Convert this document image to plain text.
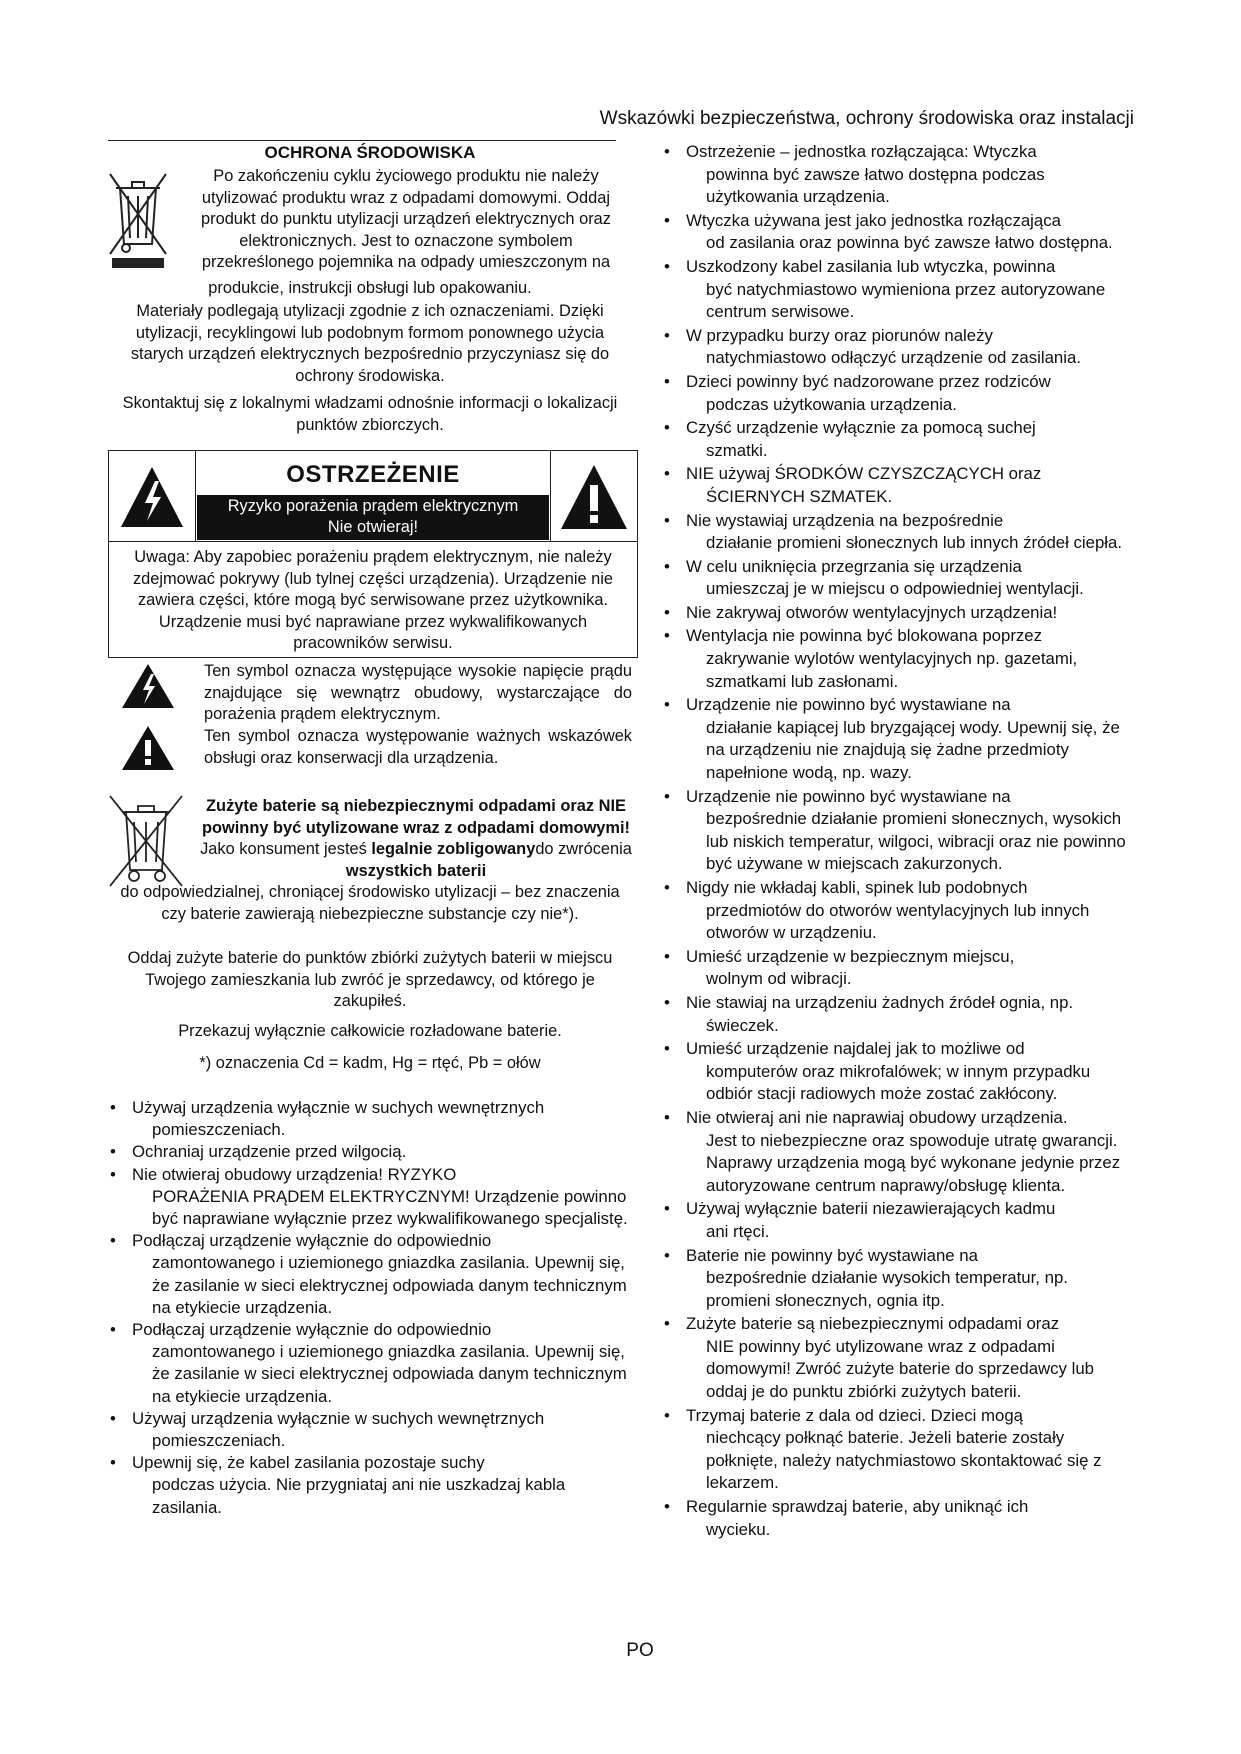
Wskazówki bezpieczeństwa, ochrony środowiska oraz instalacji
OCHRONA ŚRODOWISKA
Po zakończeniu cyklu życiowego produktu nie należy
utylizować produktu wraz z odpadami domowymi. Oddaj
produkt do punktu utylizacji urządzeń elektrycznych oraz
elektronicznych. Jest to oznaczone symbolem
przekreślonego pojemnika na odpady umieszczonym na
produkcie, instrukcji obsługi lub opakowaniu.
Materiały podlegają utylizacji zgodnie z ich oznaczeniami. Dzięki utylizacji, recyklingowi lub podobnym formom ponownego użycia starych urządzeń elektrycznych bezpośrednio przyczyniasz się do ochrony środowiska.
Skontaktuj się z lokalnymi władzami odnośnie informacji o lokalizacji punktów zbiorczych.
OSTRZEŻENIE
Ryzyko porażenia prądem elektrycznym
Nie otwieraj!
Uwaga: Aby zapobiec porażeniu prądem elektrycznym, nie należy zdejmować pokrywy (lub tylnej części urządzenia). Urządzenie nie zawiera części, które mogą być serwisowane przez użytkownika. Urządzenie musi być naprawiane przez wykwalifikowanych pracowników serwisu.
Ten symbol oznacza występujące wysokie napięcie prądu znajdujące się wewnątrz obudowy, wystarczające do porażenia prądem elektrycznym.
Ten symbol oznacza występowanie ważnych wskazówek obsługi oraz konserwacji dla urządzenia.
Zużyte baterie są niebezpiecznymi odpadami oraz NIE powinny być utylizowane wraz z odpadami domowymi! Jako konsument jesteś legalnie zobligowanydo zwrócenia wszystkich baterii
do odpowiedzialnej, chroniącej środowisko utylizacji – bez znaczenia czy baterie zawierają niebezpieczne substancje czy nie*).
Oddaj zużyte baterie do punktów zbiórki zużytych baterii w miejscu Twojego zamieszkania lub zwróć je sprzedawcy, od którego je zakupiłeś.
Przekazuj wyłącznie całkowicie rozładowane baterie.
*) oznaczenia Cd = kadm, Hg = rtęć, Pb = ołów
• Używaj urządzenia wyłącznie w suchych wewnętrznych
pomieszczeniach.
• Ochraniaj urządzenie przed wilgocią.
• Nie otwieraj obudowy urządzenia! RYZYKO
PORAŻENIA PRĄDEM ELEKTRYCZNYM! Urządzenie powinno być naprawiane wyłącznie przez wykwalifikowanego specjalistę.
• Podłączaj urządzenie wyłącznie do odpowiednio
zamontowanego i uziemionego gniazdka zasilania. Upewnij się, że zasilanie w sieci elektrycznej odpowiada danym technicznym na etykiecie urządzenia.
• Podłączaj urządzenie wyłącznie do odpowiednio
zamontowanego i uziemionego gniazdka zasilania. Upewnij się, że zasilanie w sieci elektrycznej odpowiada danym technicznym na etykiecie urządzenia.
• Używaj urządzenia wyłącznie w suchych wewnętrznych
pomieszczeniach.
• Upewnij się, że kabel zasilania pozostaje suchy
podczas użycia. Nie przygniataj ani nie uszkadzaj kabla zasilania.
• Ostrzeżenie – jednostka rozłączająca: Wtyczka
powinna być zawsze łatwo dostępna podczas użytkowania urządzenia.
• Wtyczka używana jest jako jednostka rozłączająca
od zasilania oraz powinna być zawsze łatwo dostępna.
• Uszkodzony kabel zasilania lub wtyczka, powinna
być natychmiastowo wymieniona przez autoryzowane centrum serwisowe.
• W przypadku burzy oraz piorunów należy
natychmiastowo odłączyć urządzenie od zasilania.
• Dzieci powinny być nadzorowane przez rodziców
podczas użytkowania urządzenia.
• Czyść urządzenie wyłącznie za pomocą suchej
szmatki.
• NIE używaj ŚRODKÓW CZYSZCZĄCYCH oraz
ŚCIERNYCH SZMATEK.
• Nie wystawiaj urządzenia na bezpośrednie
działanie promieni słonecznych lub innych źródeł ciepła.
• W celu uniknięcia przegrzania się urządzenia
umieszczaj je w miejscu o odpowiedniej wentylacji.
• Nie zakrywaj otworów wentylacyjnych urządzenia!
• Wentylacja nie powinna być blokowana poprzez
zakrywanie wylotów wentylacyjnych np. gazetami, szmatkami lub zasłonami.
• Urządzenie nie powinno być wystawiane na
działanie kapiącej lub bryzgającej wody. Upewnij się, że na urządzeniu nie znajdują się żadne przedmioty napełnione wodą, np. wazy.
• Urządzenie nie powinno być wystawiane na
bezpośrednie działanie promieni słonecznych, wysokich lub niskich temperatur, wilgoci, wibracji oraz nie powinno być używane w miejscach zakurzonych.
• Nigdy nie wkładaj kabli, spinek lub podobnych
przedmiotów do otworów wentylacyjnych lub innych otworów w urządzeniu.
• Umieść urządzenie w bezpiecznym miejscu,
wolnym od wibracji.
• Nie stawiaj na urządzeniu żadnych źródeł ognia, np.
świeczek.
• Umieść urządzenie najdalej jak to możliwe od
komputerów oraz mikrofalówek; w innym przypadku odbiór stacji radiowych może zostać zakłócony.
• Nie otwieraj ani nie naprawiaj obudowy urządzenia.
Jest to niebezpieczne oraz spowoduje utratę gwarancji. Naprawy urządzenia mogą być wykonane jedynie przez autoryzowane centrum naprawy/obsługę klienta.
• Używaj wyłącznie baterii niezawierających kadmu
ani rtęci.
• Baterie nie powinny być wystawiane na
bezpośrednie działanie wysokich temperatur, np. promieni słonecznych, ognia itp.
• Zużyte baterie są niebezpiecznymi odpadami oraz
NIE powinny być utylizowane wraz z odpadami domowymi! Zwróć zużyte baterie do sprzedawcy lub oddaj je do punktu zbiórki zużytych baterii.
• Trzymaj baterie z dala od dzieci. Dzieci mogą
niechcący połknąć baterie. Jeżeli baterie zostały połknięte, należy natychmiastowo skontaktować się z lekarzem.
• Regularnie sprawdzaj baterie, aby uniknąć ich
wycieku.
PO
